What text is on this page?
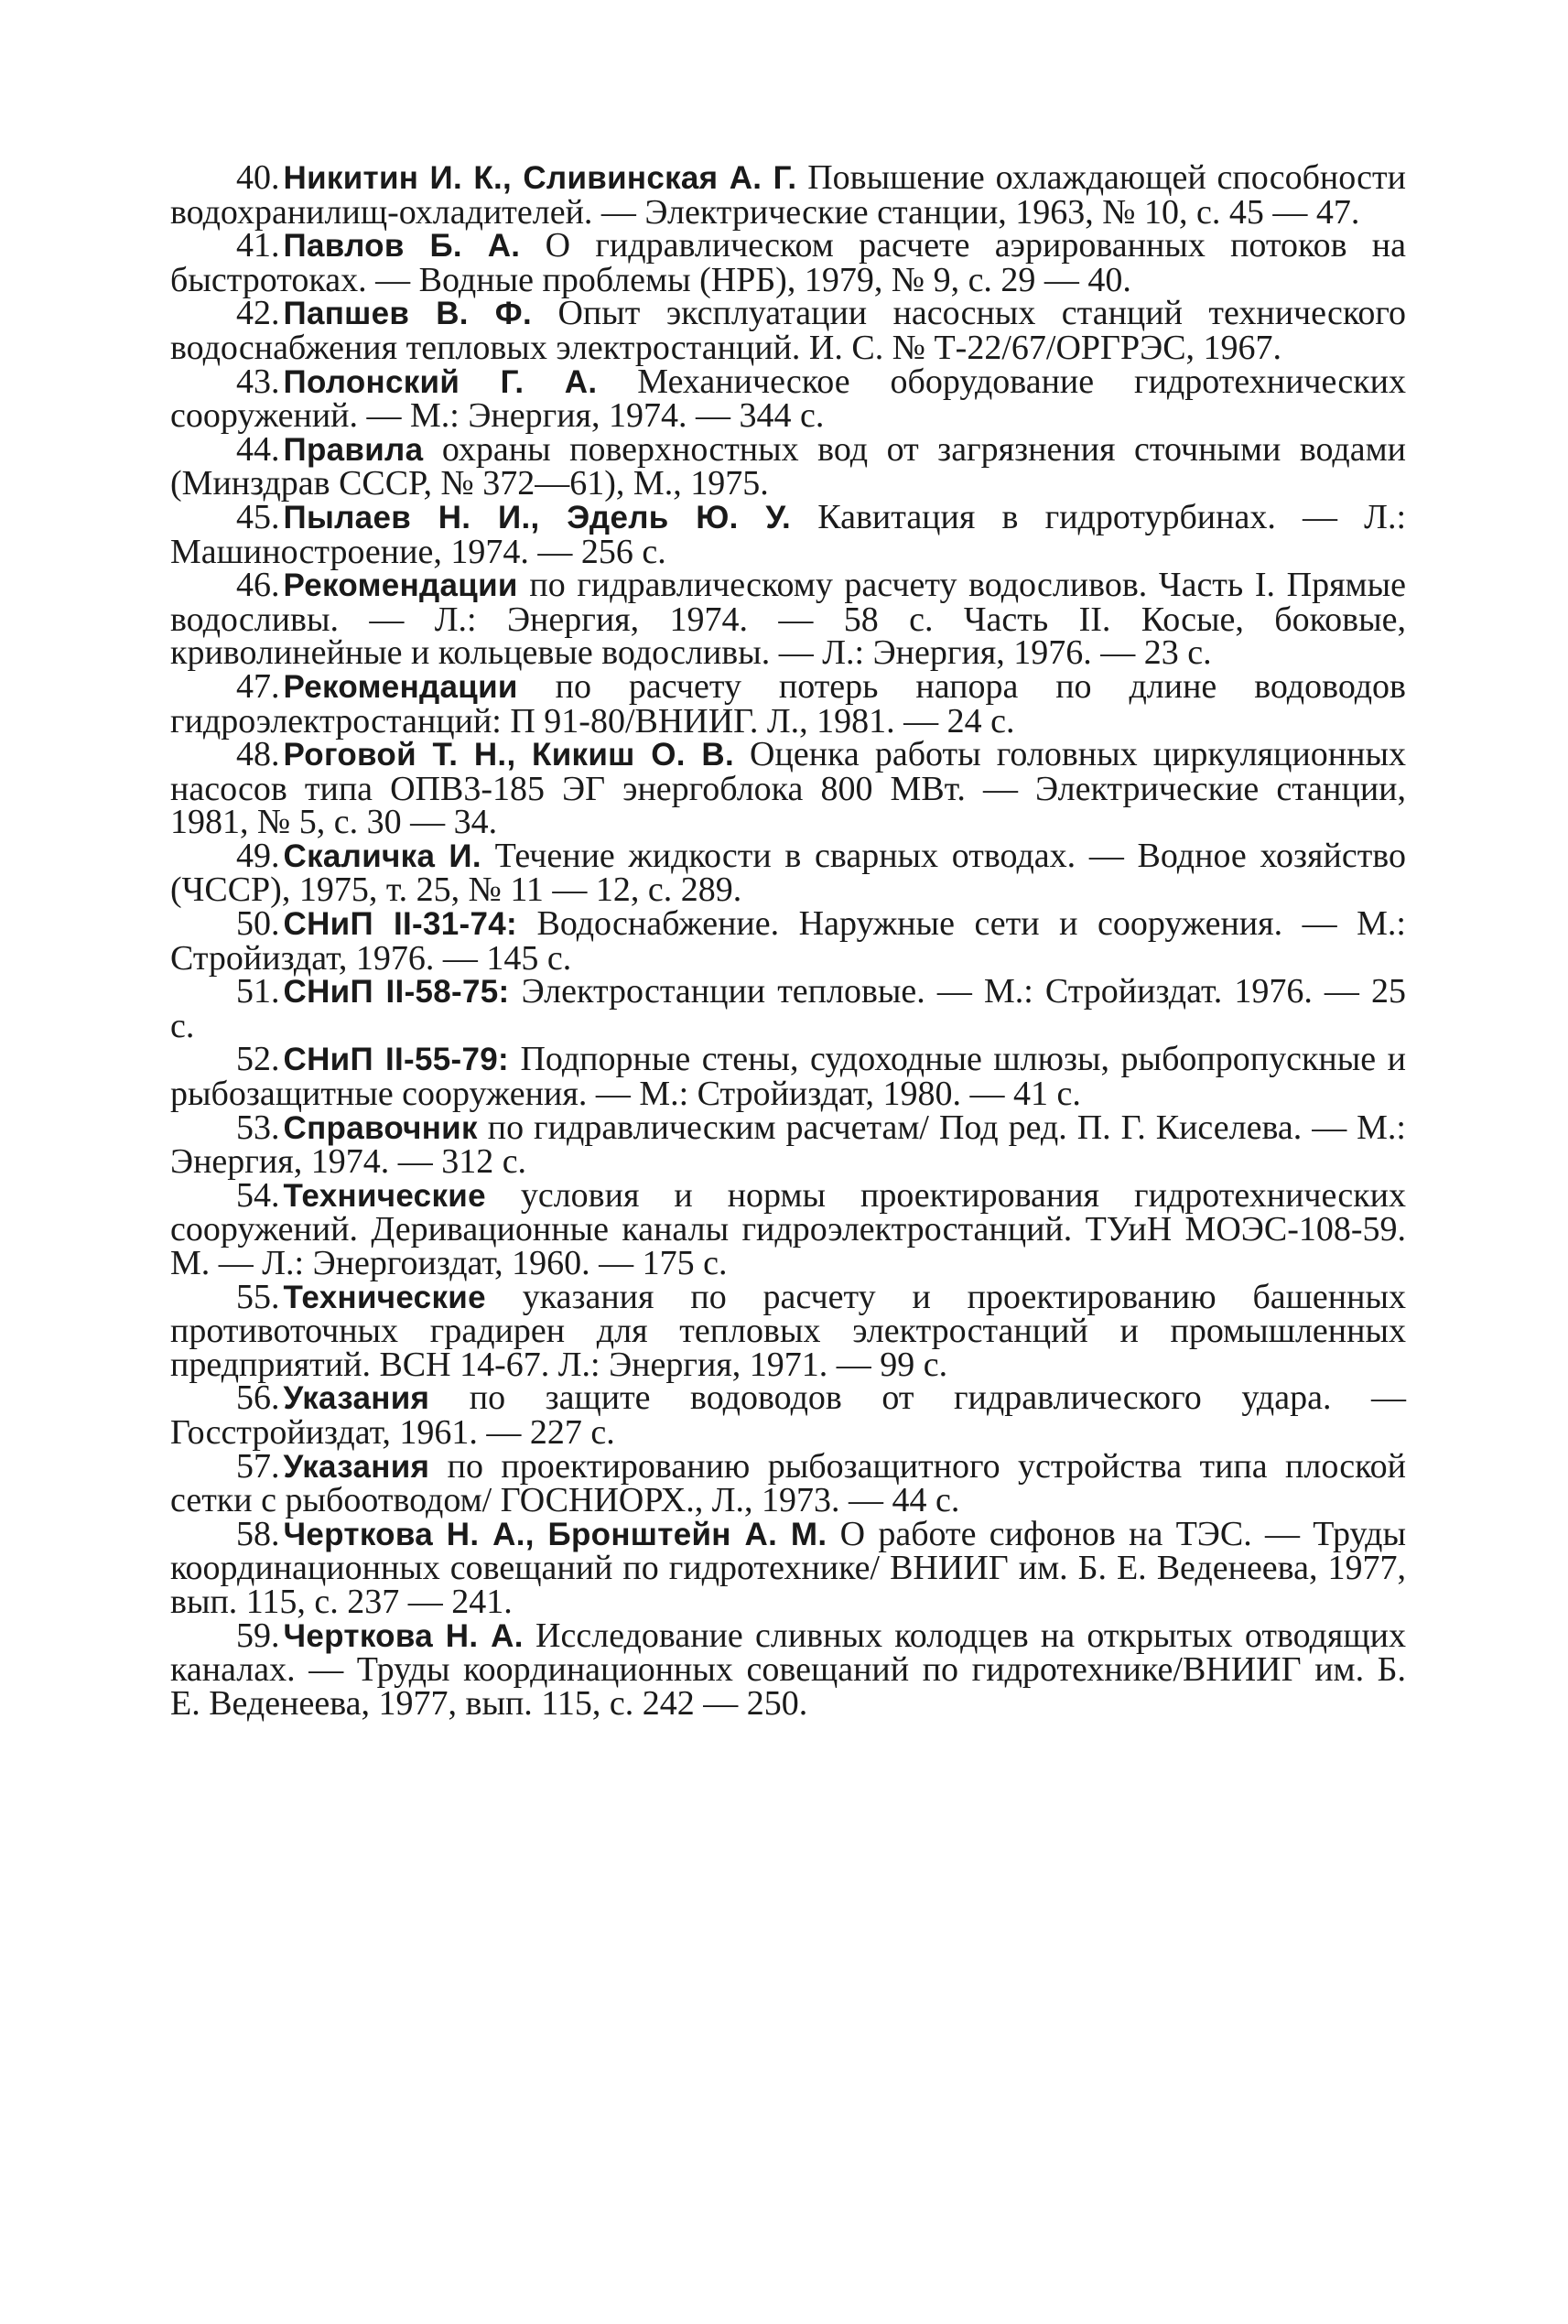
40. Никитин И. К., Сливинская А. Г. Повышение охлаждающей способности водохранилищ-охладителей. — Электрические станции, 1963, № 10, с. 45 — 47.

41. Павлов Б. А. О гидравлическом расчете аэрированных потоков на быстротоках. — Водные проблемы (НРБ), 1979, № 9, с. 29 — 40.

42. Папшев В. Ф. Опыт эксплуатации насосных станций технического водоснабжения тепловых электростанций. И. С. № Т-22/67/ОРГРЭС, 1967.

43. Полонский Г. А. Механическое оборудование гидротехнических сооружений. — М.: Энергия, 1974. — 344 с.

44. Правила охраны поверхностных вод от загрязнения сточными водами (Минздрав СССР, № 372—61), М., 1975.

45. Пылаев Н. И., Эдель Ю. У. Кавитация в гидротурбинах. — Л.: Машиностроение, 1974. — 256 с.

46. Рекомендации по гидравлическому расчету водосливов. Часть I. Прямые водосливы. — Л.: Энергия, 1974. — 58 с. Часть II. Косые, боковые, криволинейные и кольцевые водосливы. — Л.: Энергия, 1976. — 23 с.

47. Рекомендации по расчету потерь напора по длине водоводов гидроэлектростанций: П 91-80/ВНИИГ. Л., 1981. — 24 с.

48. Роговой Т. Н., Кикиш О. В. Оценка работы головных циркуляционных насосов типа ОПВ3-185 ЭГ энергоблока 800 МВт. — Электрические станции, 1981, № 5, с. 30 — 34.

49. Скаличка И. Течение жидкости в сварных отводах. — Водное хозяйство (ЧССР), 1975, т. 25, № 11 — 12, с. 289.

50. СНиП II-31-74: Водоснабжение. Наружные сети и сооружения. — М.: Стройиздат, 1976. — 145 с.

51. СНиП II-58-75: Электростанции тепловые. — М.: Стройиздат. 1976. — 25 с.

52. СНиП II-55-79: Подпорные стены, судоходные шлюзы, рыбопропускные и рыбозащитные сооружения. — М.: Стройиздат, 1980. — 41 с.

53. Справочник по гидравлическим расчетам/ Под ред. П. Г. Киселева. — М.: Энергия, 1974. — 312 с.

54. Технические условия и нормы проектирования гидротехнических сооружений. Деривационные каналы гидроэлектростанций. ТУиН МОЭС-108-59. М. — Л.: Энергоиздат, 1960. — 175 с.

55. Технические указания по расчету и проектированию башенных противоточных градирен для тепловых электростанций и промышленных предприятий. ВСН 14-67. Л.: Энергия, 1971. — 99 с.

56. Указания по защите водоводов от гидравлического удара. — Госстройиздат, 1961. — 227 с.

57. Указания по проектированию рыбозащитного устройства типа плоской сетки с рыбоотводом/ ГОСНИОРХ., Л., 1973. — 44 с.

58. Черткова Н. А., Бронштейн А. М. О работе сифонов на ТЭС. — Труды координационных совещаний по гидротехнике/ ВНИИГ им. Б. Е. Веденеева, 1977, вып. 115, с. 237 — 241.

59. Черткова Н. А. Исследование сливных колодцев на открытых отводящих каналах. — Труды координационных совещаний по гидротехнике/ВНИИГ им. Б. Е. Веденеева, 1977, вып. 115, с. 242 — 250.
